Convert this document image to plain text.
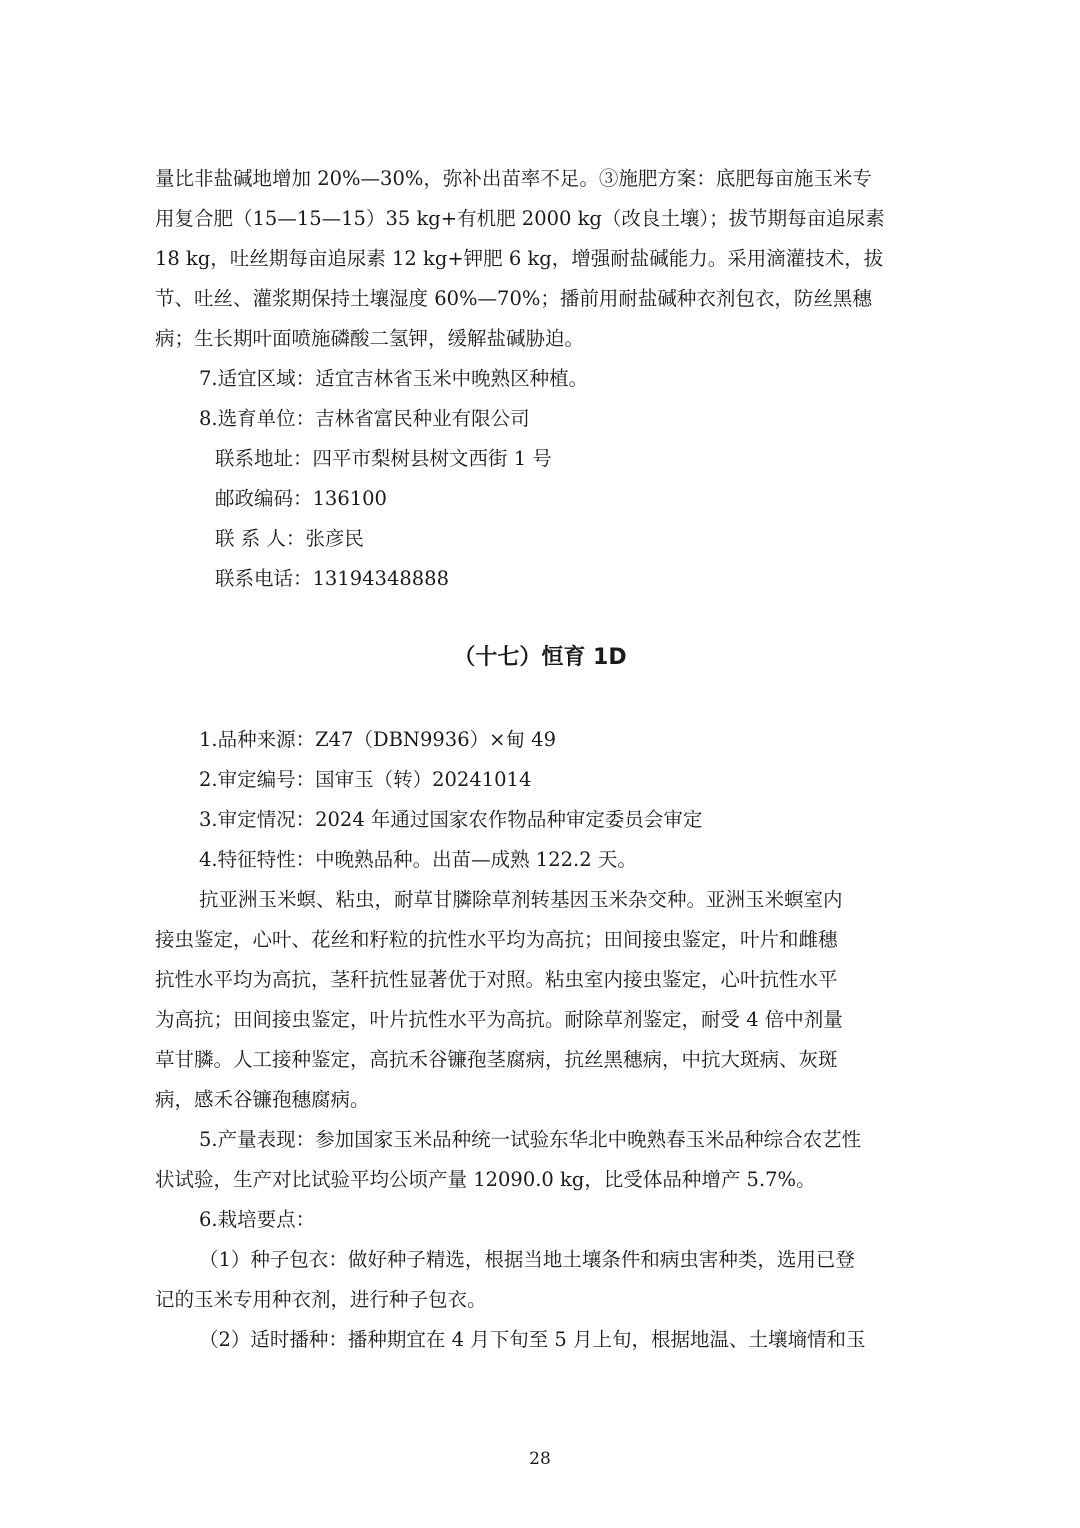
量比非盐碱地增加 20%—30%，弥补出苗率不足。③施肥方案：底肥每亩施玉米专
用复合肥（15—15—15）35 kg+有机肥 2000 kg（改良土壤）；拔节期每亩追尿素
18 kg，吐丝期每亩追尿素 12 kg+钾肥 6 kg，增强耐盐碱能力。采用滴灌技术，拔
节、吐丝、灌浆期保持土壤湿度 60%—70%；播前用耐盐碱种衣剂包衣，防丝黑穗
病；生长期叶面喷施磷酸二氢钾，缓解盐碱胁迫。
7.适宜区域：适宜吉林省玉米中晚熟区种植。
8.选育单位：吉林省富民种业有限公司
联系地址：四平市梨树县树文西街 1 号
邮政编码：136100
联 系 人：张彦民
联系电话：13194348888
（十七）恒育 1D
1.品种来源：Z47（DBN9936）×甸 49
2.审定编号：国审玉（转）20241014
3.审定情况：2024 年通过国家农作物品种审定委员会审定
4.特征特性：中晚熟品种。出苗—成熟 122.2 天。
抗亚洲玉米螟、粘虫，耐草甘膦除草剂转基因玉米杂交种。亚洲玉米螟室内
接虫鉴定，心叶、花丝和籽粒的抗性水平均为高抗；田间接虫鉴定，叶片和雌穗
抗性水平均为高抗，茎秆抗性显著优于对照。粘虫室内接虫鉴定，心叶抗性水平
为高抗；田间接虫鉴定，叶片抗性水平为高抗。耐除草剂鉴定，耐受 4 倍中剂量
草甘膦。人工接种鉴定，高抗禾谷镰孢茎腐病，抗丝黑穗病，中抗大斑病、灰斑
病，感禾谷镰孢穗腐病。
5.产量表现：参加国家玉米品种统一试验东华北中晚熟春玉米品种综合农艺性
状试验，生产对比试验平均公顷产量 12090.0 kg，比受体品种增产 5.7%。
6.栽培要点：
（1）种子包衣：做好种子精选，根据当地土壤条件和病虫害种类，选用已登
记的玉米专用种衣剂，进行种子包衣。
（2）适时播种：播种期宜在 4 月下旬至 5 月上旬，根据地温、土壤墒情和玉
28
